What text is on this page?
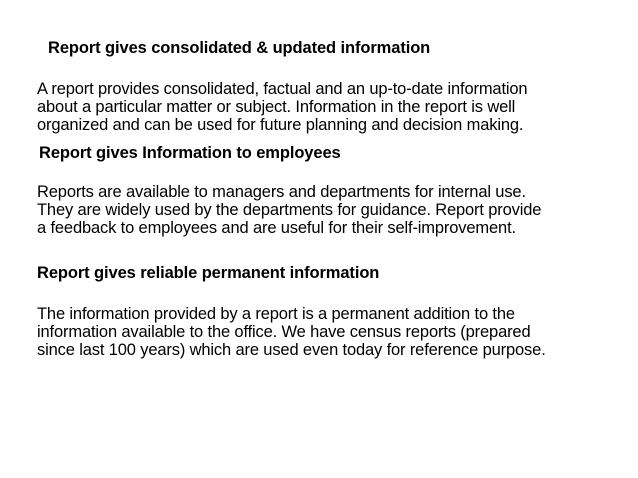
Report gives consolidated & updated information
A report provides consolidated, factual and an up-to-date information
about a particular matter or subject. Information in the report is well
organized and can be used for future planning and decision making.
Report gives Information to employees
Reports are available to managers and departments for internal use.
They are widely used by the departments for guidance. Report provide
a feedback to employees and are useful for their self-improvement.
Report gives reliable permanent information
The information provided by a report is a permanent addition to the
information available to the office. We have census reports (prepared
since last 100 years) which are used even today for reference purpose.
